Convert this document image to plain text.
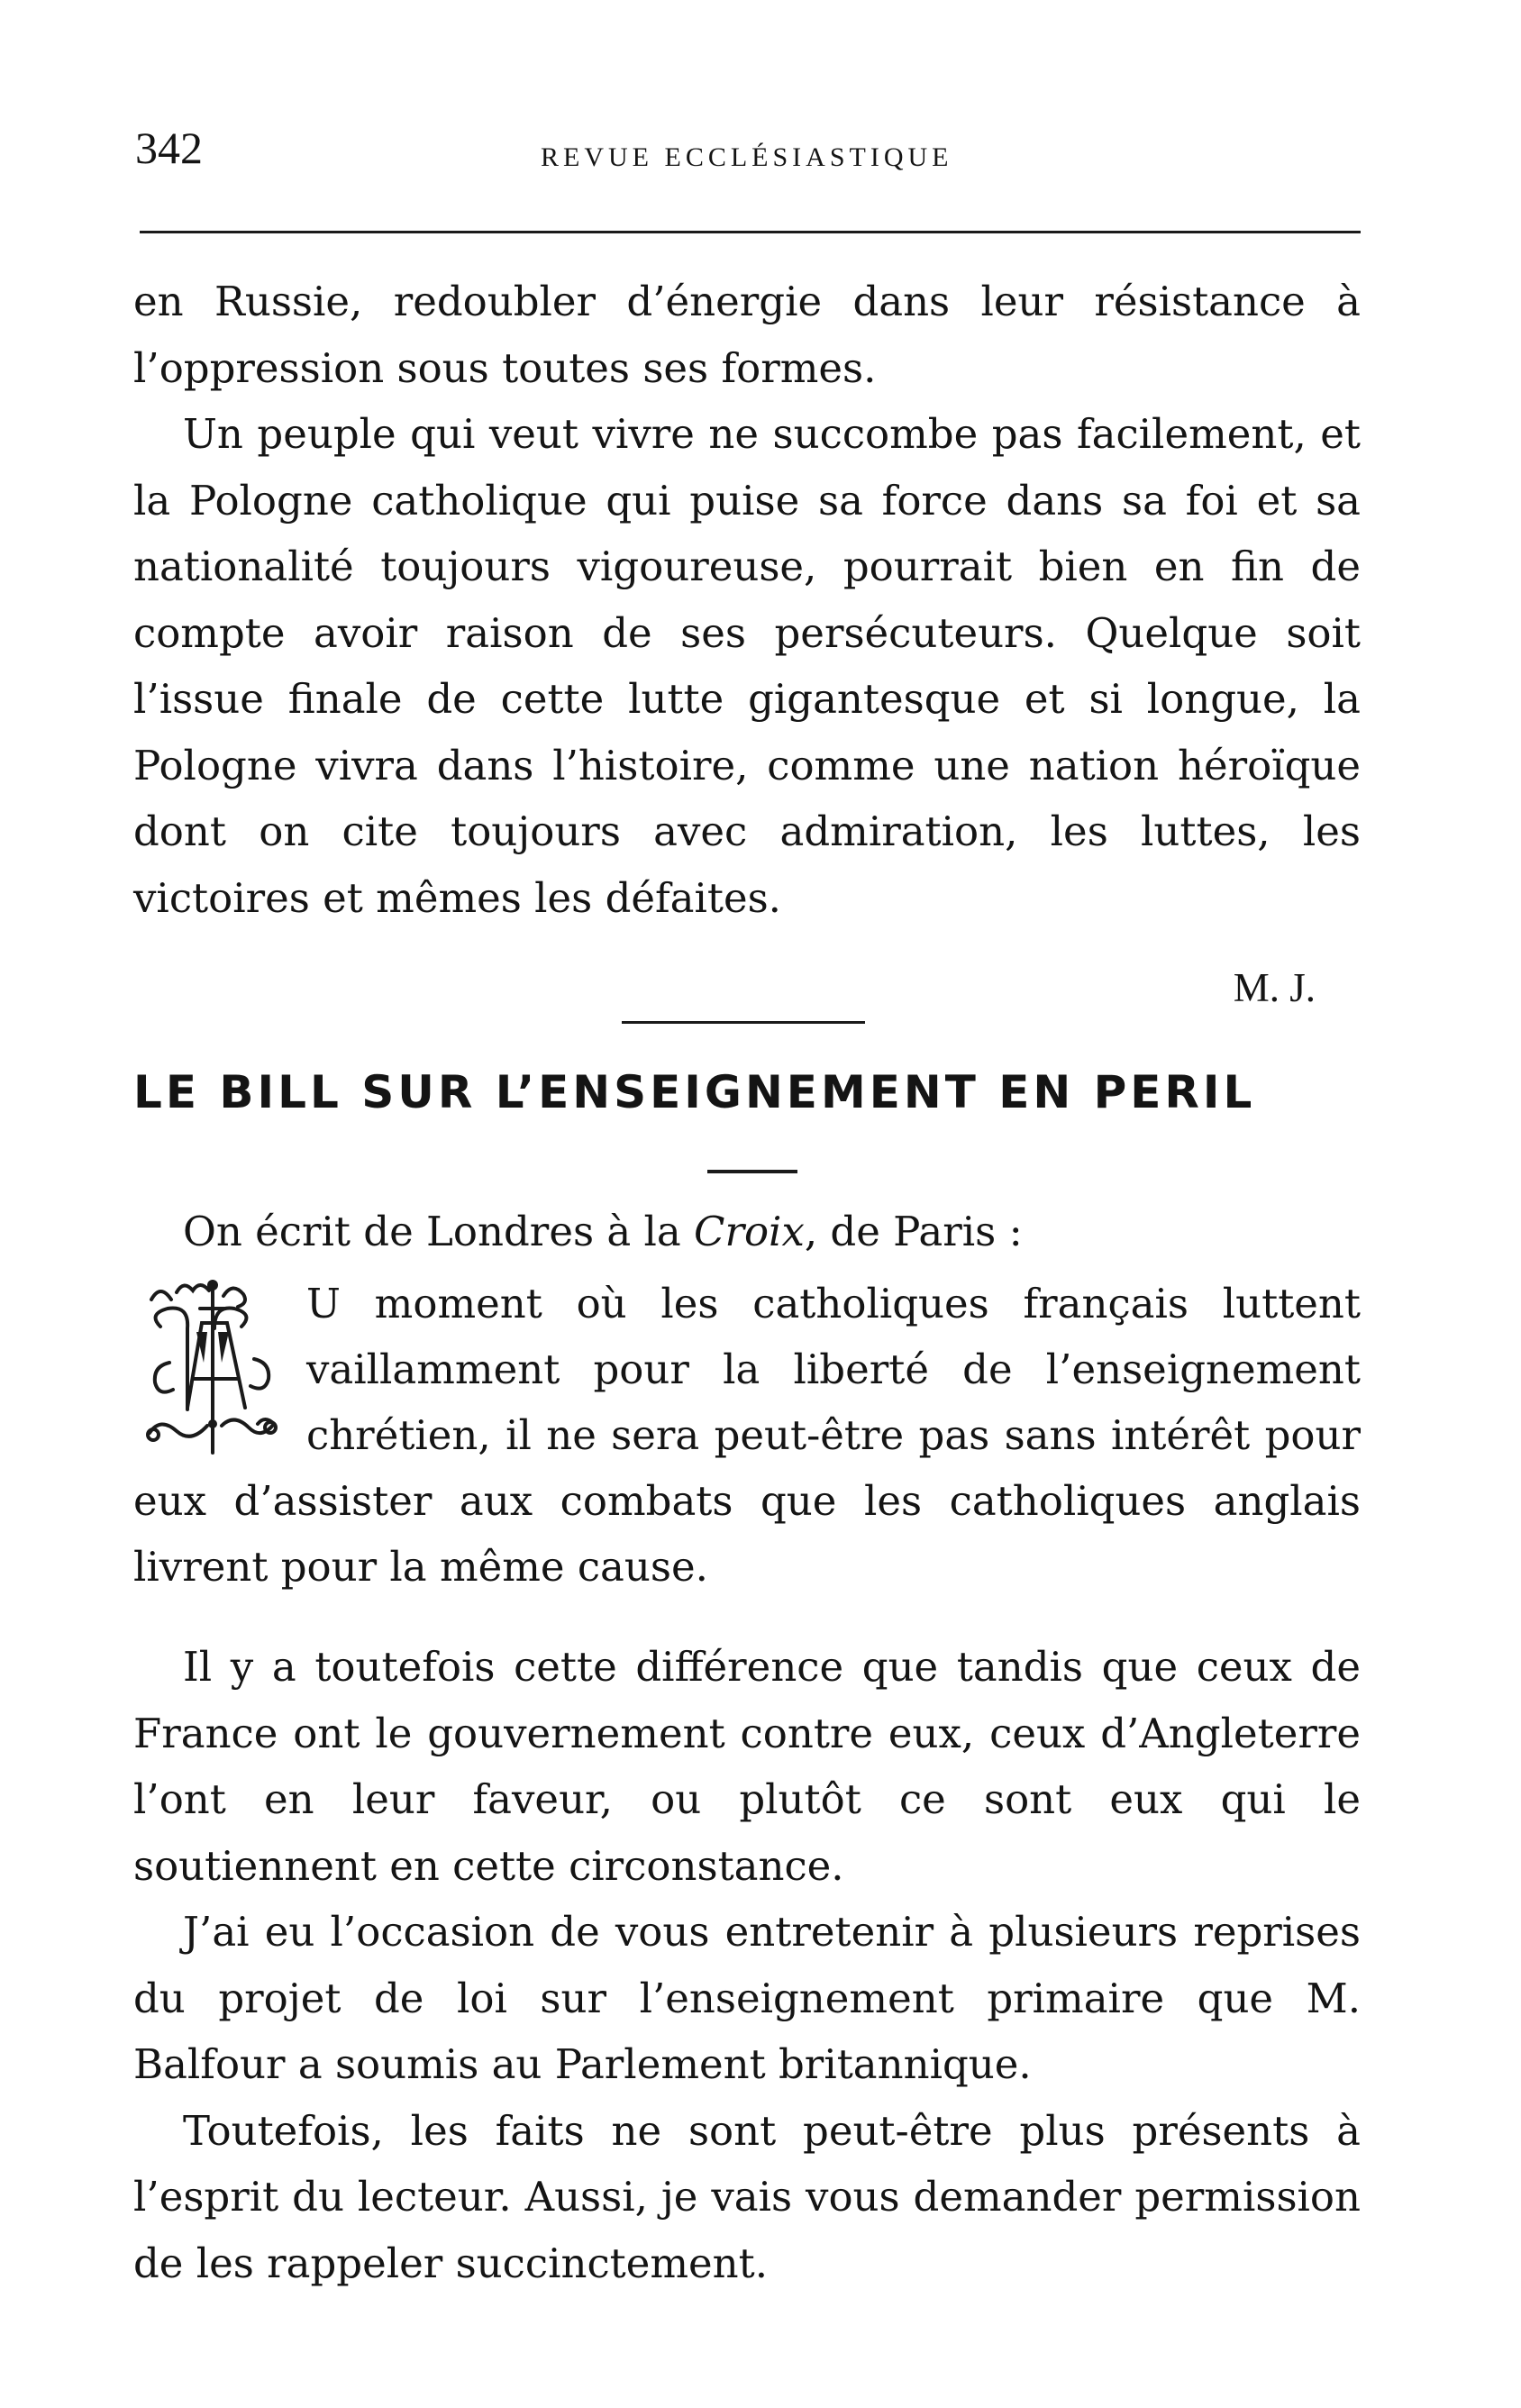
342	REVUE ECCLÉSIASTIQUE

en Russie, redoubler d’énergie dans leur résistance à l’oppression sous toutes ses formes.

Un peuple qui veut vivre ne succombe pas facilement, et la Pologne catholique qui puise sa force dans sa foi et sa nationalité toujours vigoureuse, pourrait bien en fin de compte avoir raison de ses persécuteurs. Quelque soit l’issue finale de cette lutte gigantesque et si longue, la Pologne vivra dans l’histoire, comme une nation héroïque dont on cite toujours avec admiration, les luttes, les victoires et mêmes les défaites.

M. J.
LE BILL SUR L’ENSEIGNEMENT EN PERIL
On écrit de Londres à la Croix, de Paris :

U moment où les catholiques français luttent vaillamment pour la liberté de l’enseignement chrétien, il ne sera peut-être pas sans intérêt pour eux d’assister aux combats que les catholiques anglais livrent pour la même cause.

Il y a toutefois cette différence que tandis que ceux de France ont le gouvernement contre eux, ceux d’Angleterre l’ont en leur faveur, ou plutôt ce sont eux qui le soutiennent en cette circonstance.

J’ai eu l’occasion de vous entretenir à plusieurs reprises du projet de loi sur l’enseignement primaire que M. Balfour a soumis au Parlement britannique.

Toutefois, les faits ne sont peut-être plus présents à l’esprit du lecteur. Aussi, je vais vous demander permission de les rappeler succinctement.
